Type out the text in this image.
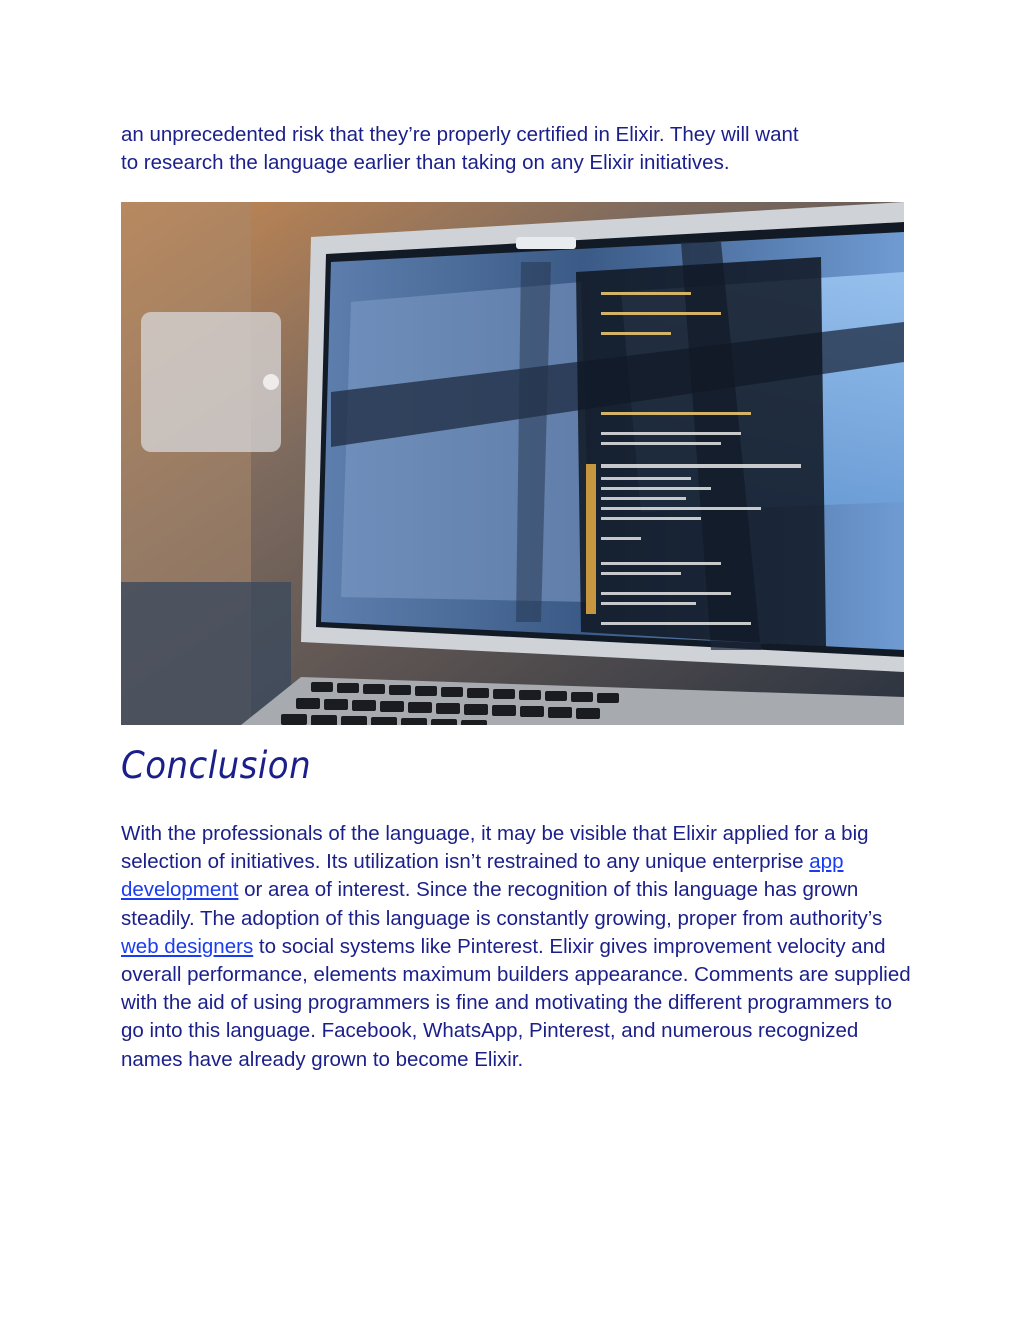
an unprecedented risk that they’re properly certified in Elixir. They will want
to research the language earlier than taking on any Elixir initiatives.

Conclusion

With the professionals of the language, it may be visible that Elixir applied for a big selection of initiatives. Its utilization isn’t restrained to any unique enterprise app development or area of interest. Since the recognition of this language has grown steadily. The adoption of this language is constantly growing, proper from authority’s web designers to social systems like Pinterest. Elixir gives improvement velocity and overall performance, elements maximum builders appearance. Comments are supplied with the aid of using programmers is fine and motivating the different programmers to go into this language. Facebook, WhatsApp, Pinterest, and numerous recognized names have already grown to become Elixir.
